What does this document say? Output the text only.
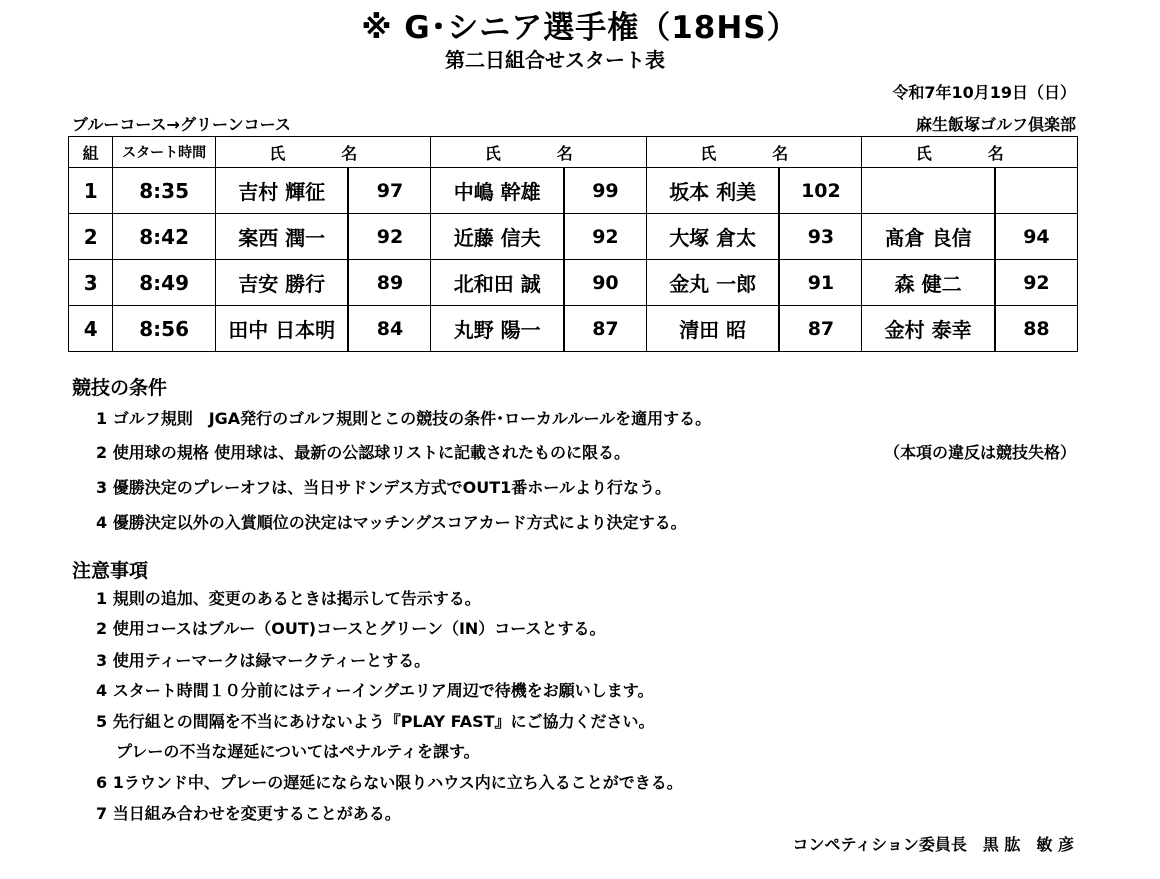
※ G･シニア選手権（18HS）
第二日組合せスタート表
令和7年10月19日（日）
ブルーコース→グリーンコース	麻生飯塚ゴルフ倶楽部
組	スタート時間	氏　名		氏　名		氏　名		氏　名	
1	8:35	吉村 輝征	97	中嶋 幹雄	99	坂本 利美	102		
2	8:42	案西 潤一	92	近藤 信夫	92	大塚 倉太	93	髙倉 良信	94
3	8:49	吉安 勝行	89	北和田 誠	90	金丸 一郎	91	森 健二	92
4	8:56	田中 日本明	84	丸野 陽一	87	清田 昭	87	金村 泰幸	88
競技の条件
1 ゴルフ規則　JGA発行のゴルフ規則とこの競技の条件･ローカルルールを適用する。
2 使用球の規格 使用球は、最新の公認球リストに記載されたものに限る。	（本項の違反は競技失格）
3 優勝決定のプレーオフは、当日サドンデス方式でOUT1番ホールより行なう。
4 優勝決定以外の入賞順位の決定はマッチングスコアカード方式により決定する。
注意事項
1 規則の追加、変更のあるときは掲示して告示する。
2 使用コースはブルー（OUT)コースとグリーン（IN）コースとする。
3 使用ティーマークは緑マークティーとする。
4 スタート時間１０分前にはティーイングエリア周辺で待機をお願いします。
5 先行組との間隔を不当にあけないよう『PLAY FAST』にご協力ください。
プレーの不当な遅延についてはペナルティを課す。
6 1ラウンド中、プレーの遅延にならない限りハウス内に立ち入ることができる。
7 当日組み合わせを変更することがある。
コンペティション委員長　黒 肱　敏 彦
